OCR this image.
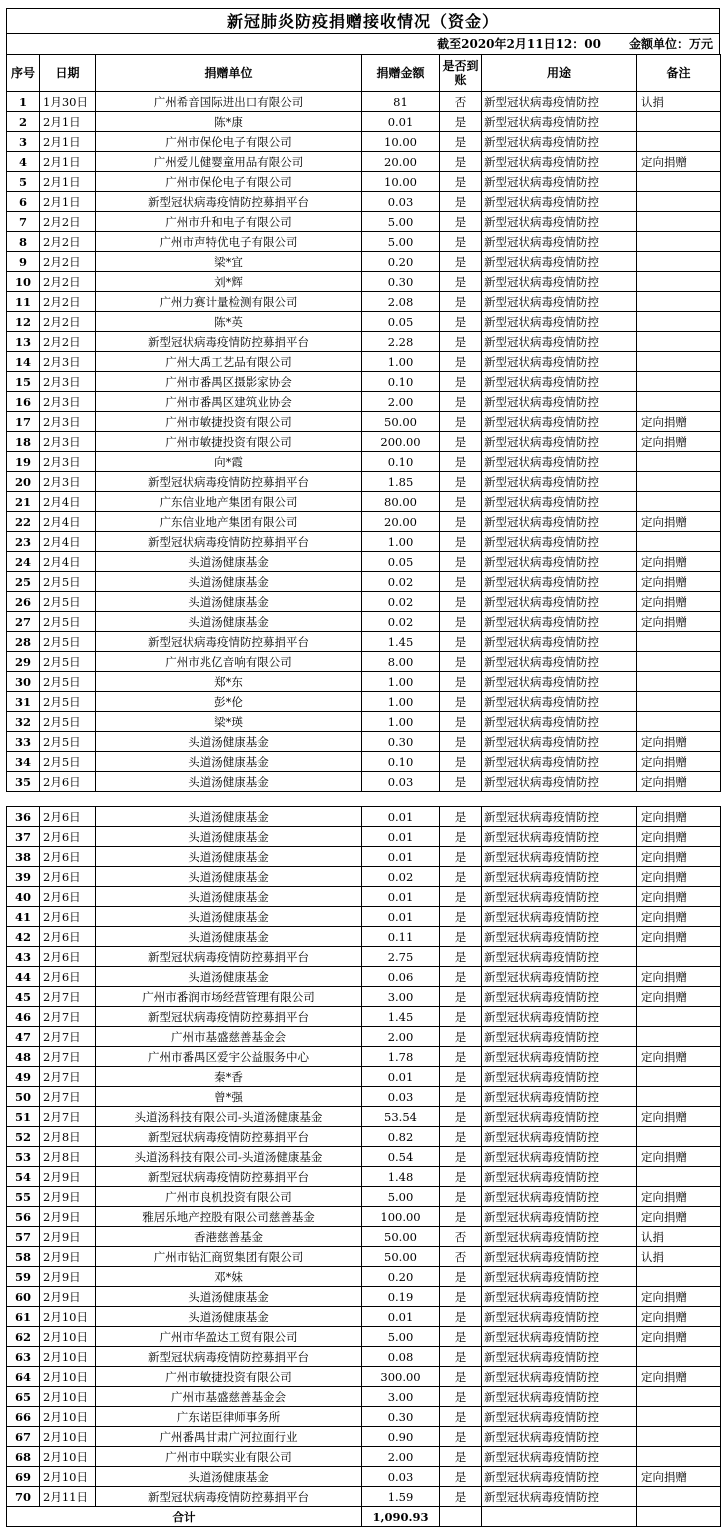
新冠肺炎防疫捐赠接收情况（资金）
截至2020年2月11日12：00 金额单位：万元
序号	日期	捐赠单位	捐赠金额	是否到账	用途	备注
1	1月30日	广州希音国际进出口有限公司	81	否	新型冠状病毒疫情防控	认捐
2	2月1日	陈*康	0.01	是	新型冠状病毒疫情防控	
3	2月1日	广州市保伦电子有限公司	10.00	是	新型冠状病毒疫情防控	
4	2月1日	广州爱儿健婴童用品有限公司	20.00	是	新型冠状病毒疫情防控	定向捐赠
5	2月1日	广州市保伦电子有限公司	10.00	是	新型冠状病毒疫情防控	
6	2月1日	新型冠状病毒疫情防控募捐平台	0.03	是	新型冠状病毒疫情防控	
7	2月2日	广州市升和电子有限公司	5.00	是	新型冠状病毒疫情防控	
8	2月2日	广州市声特优电子有限公司	5.00	是	新型冠状病毒疫情防控	
9	2月2日	梁*宜	0.20	是	新型冠状病毒疫情防控	
10	2月2日	刘*辉	0.30	是	新型冠状病毒疫情防控	
11	2月2日	广州力赛计量检测有限公司	2.08	是	新型冠状病毒疫情防控	
12	2月2日	陈*英	0.05	是	新型冠状病毒疫情防控	
13	2月2日	新型冠状病毒疫情防控募捐平台	2.28	是	新型冠状病毒疫情防控	
14	2月3日	广州大禹工艺品有限公司	1.00	是	新型冠状病毒疫情防控	
15	2月3日	广州市番禺区摄影家协会	0.10	是	新型冠状病毒疫情防控	
16	2月3日	广州市番禺区建筑业协会	2.00	是	新型冠状病毒疫情防控	
17	2月3日	广州市敏捷投资有限公司	50.00	是	新型冠状病毒疫情防控	定向捐赠
18	2月3日	广州市敏捷投资有限公司	200.00	是	新型冠状病毒疫情防控	定向捐赠
19	2月3日	向*霞	0.10	是	新型冠状病毒疫情防控	
20	2月3日	新型冠状病毒疫情防控募捐平台	1.85	是	新型冠状病毒疫情防控	
21	2月4日	广东信业地产集团有限公司	80.00	是	新型冠状病毒疫情防控	
22	2月4日	广东信业地产集团有限公司	20.00	是	新型冠状病毒疫情防控	定向捐赠
23	2月4日	新型冠状病毒疫情防控募捐平台	1.00	是	新型冠状病毒疫情防控	
24	2月4日	头道汤健康基金	0.05	是	新型冠状病毒疫情防控	定向捐赠
25	2月5日	头道汤健康基金	0.02	是	新型冠状病毒疫情防控	定向捐赠
26	2月5日	头道汤健康基金	0.02	是	新型冠状病毒疫情防控	定向捐赠
27	2月5日	头道汤健康基金	0.02	是	新型冠状病毒疫情防控	定向捐赠
28	2月5日	新型冠状病毒疫情防控募捐平台	1.45	是	新型冠状病毒疫情防控	
29	2月5日	广州市兆亿音响有限公司	8.00	是	新型冠状病毒疫情防控	
30	2月5日	郑*东	1.00	是	新型冠状病毒疫情防控	
31	2月5日	彭*伦	1.00	是	新型冠状病毒疫情防控	
32	2月5日	梁*瑛	1.00	是	新型冠状病毒疫情防控	
33	2月5日	头道汤健康基金	0.30	是	新型冠状病毒疫情防控	定向捐赠
34	2月5日	头道汤健康基金	0.10	是	新型冠状病毒疫情防控	定向捐赠
35	2月6日	头道汤健康基金	0.03	是	新型冠状病毒疫情防控	定向捐赠

36	2月6日	头道汤健康基金	0.01	是	新型冠状病毒疫情防控	定向捐赠
37	2月6日	头道汤健康基金	0.01	是	新型冠状病毒疫情防控	定向捐赠
38	2月6日	头道汤健康基金	0.01	是	新型冠状病毒疫情防控	定向捐赠
39	2月6日	头道汤健康基金	0.02	是	新型冠状病毒疫情防控	定向捐赠
40	2月6日	头道汤健康基金	0.01	是	新型冠状病毒疫情防控	定向捐赠
41	2月6日	头道汤健康基金	0.01	是	新型冠状病毒疫情防控	定向捐赠
42	2月6日	头道汤健康基金	0.11	是	新型冠状病毒疫情防控	定向捐赠
43	2月6日	新型冠状病毒疫情防控募捐平台	2.75	是	新型冠状病毒疫情防控	
44	2月6日	头道汤健康基金	0.06	是	新型冠状病毒疫情防控	定向捐赠
45	2月7日	广州市番润市场经营管理有限公司	3.00	是	新型冠状病毒疫情防控	定向捐赠
46	2月7日	新型冠状病毒疫情防控募捐平台	1.45	是	新型冠状病毒疫情防控	
47	2月7日	广州市基盛慈善基金会	2.00	是	新型冠状病毒疫情防控	
48	2月7日	广州市番禺区爱宇公益服务中心	1.78	是	新型冠状病毒疫情防控	定向捐赠
49	2月7日	秦*香	0.01	是	新型冠状病毒疫情防控	
50	2月7日	曾*强	0.03	是	新型冠状病毒疫情防控	
51	2月7日	头道汤科技有限公司-头道汤健康基金	53.54	是	新型冠状病毒疫情防控	定向捐赠
52	2月8日	新型冠状病毒疫情防控募捐平台	0.82	是	新型冠状病毒疫情防控	
53	2月8日	头道汤科技有限公司-头道汤健康基金	0.54	是	新型冠状病毒疫情防控	定向捐赠
54	2月9日	新型冠状病毒疫情防控募捐平台	1.48	是	新型冠状病毒疫情防控	
55	2月9日	广州市良机投资有限公司	5.00	是	新型冠状病毒疫情防控	定向捐赠
56	2月9日	雅居乐地产控股有限公司慈善基金	100.00	是	新型冠状病毒疫情防控	定向捐赠
57	2月9日	香港慈善基金	50.00	否	新型冠状病毒疫情防控	认捐
58	2月9日	广州市钻汇商贸集团有限公司	50.00	否	新型冠状病毒疫情防控	认捐
59	2月9日	邓*妹	0.20	是	新型冠状病毒疫情防控	
60	2月9日	头道汤健康基金	0.19	是	新型冠状病毒疫情防控	定向捐赠
61	2月10日	头道汤健康基金	0.01	是	新型冠状病毒疫情防控	定向捐赠
62	2月10日	广州市华盈达工贸有限公司	5.00	是	新型冠状病毒疫情防控	定向捐赠
63	2月10日	新型冠状病毒疫情防控募捐平台	0.08	是	新型冠状病毒疫情防控	
64	2月10日	广州市敏捷投资有限公司	300.00	是	新型冠状病毒疫情防控	定向捐赠
65	2月10日	广州市基盛慈善基金会	3.00	是	新型冠状病毒疫情防控	
66	2月10日	广东诺臣律师事务所	0.30	是	新型冠状病毒疫情防控	
67	2月10日	广州番禺甘肃广河拉面行业	0.90	是	新型冠状病毒疫情防控	
68	2月10日	广州市中联实业有限公司	2.00	是	新型冠状病毒疫情防控	
69	2月10日	头道汤健康基金	0.03	是	新型冠状病毒疫情防控	定向捐赠
70	2月11日	新型冠状病毒疫情防控募捐平台	1.59	是	新型冠状病毒疫情防控	
合计			1,090.93			
